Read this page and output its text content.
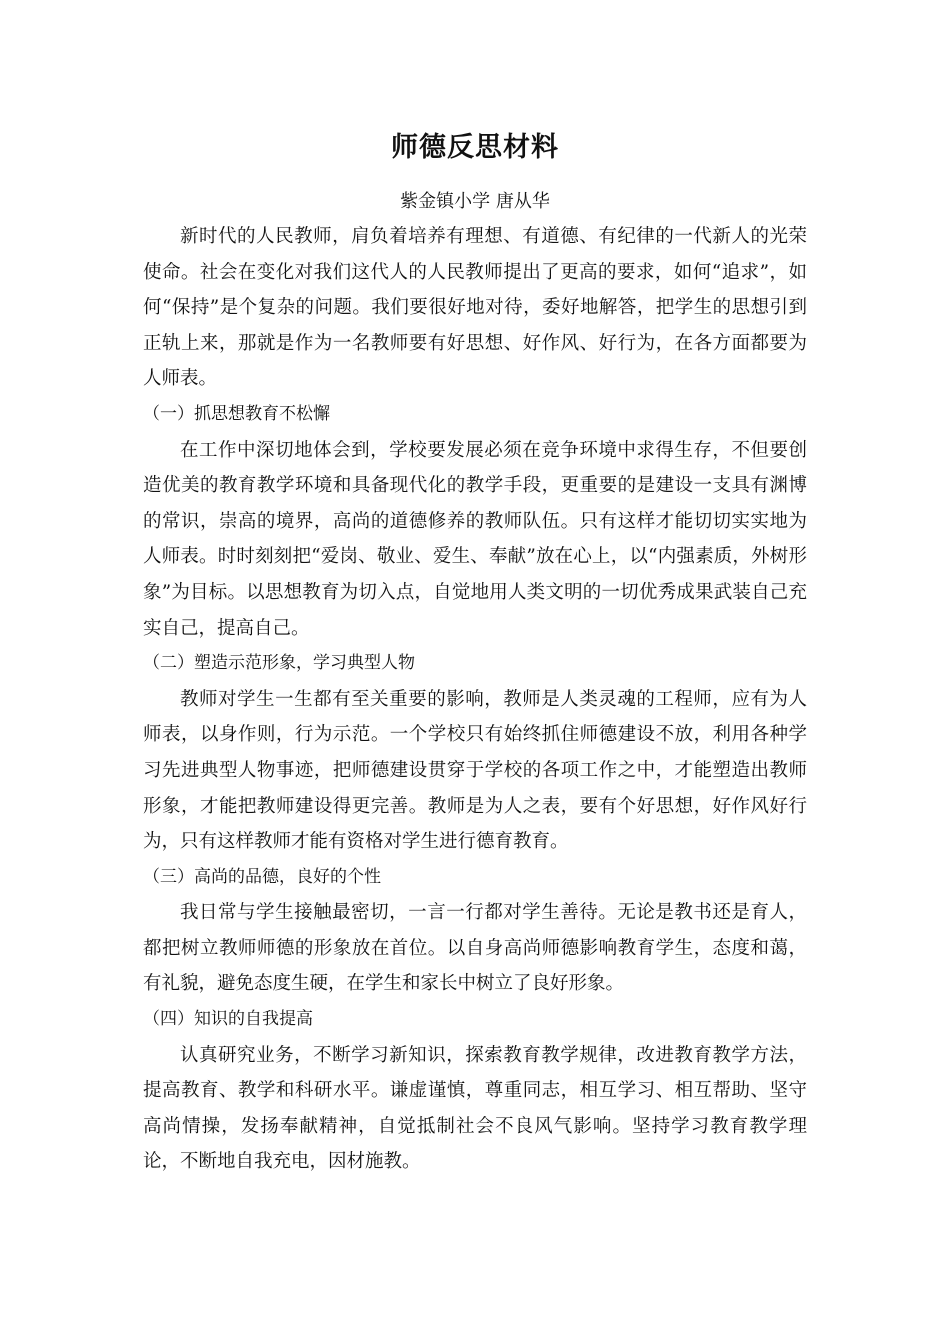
师德反思材料

紫金镇小学 唐从华

新时代的人民教师，肩负着培养有理想、有道德、有纪律的一代新人的光荣使命。社会在变化对我们这代人的人民教师提出了更高的要求，如何“追求”，如何“保持”是个复杂的问题。我们要很好地对待，委好地解答，把学生的思想引到正轨上来，那就是作为一名教师要有好思想、好作风、好行为，在各方面都要为人师表。

（一）抓思想教育不松懈

在工作中深切地体会到，学校要发展必须在竞争环境中求得生存，不但要创造优美的教育教学环境和具备现代化的教学手段，更重要的是建设一支具有渊博的常识，崇高的境界，高尚的道德修养的教师队伍。只有这样才能切切实实地为人师表。时时刻刻把“爱岗、敬业、爱生、奉献”放在心上，以“内强素质，外树形象”为目标。以思想教育为切入点，自觉地用人类文明的一切优秀成果武装自己充实自己，提高自己。

（二）塑造示范形象，学习典型人物

教师对学生一生都有至关重要的影响，教师是人类灵魂的工程师，应有为人师表，以身作则，行为示范。一个学校只有始终抓住师德建设不放，利用各种学习先进典型人物事迹，把师德建设贯穿于学校的各项工作之中，才能塑造出教师形象，才能把教师建设得更完善。教师是为人之表，要有个好思想，好作风好行为，只有这样教师才能有资格对学生进行德育教育。

（三）高尚的品德，良好的个性

我日常与学生接触最密切，一言一行都对学生善待。无论是教书还是育人，都把树立教师师德的形象放在首位。以自身高尚师德影响教育学生，态度和蔼，有礼貌，避免态度生硬，在学生和家长中树立了良好形象。

（四）知识的自我提高

认真研究业务，不断学习新知识，探索教育教学规律，改进教育教学方法，提高教育、教学和科研水平。谦虚谨慎，尊重同志，相互学习、相互帮助、坚守高尚情操，发扬奉献精神，自觉抵制社会不良风气影响。坚持学习教育教学理论，不断地自我充电，因材施教。
